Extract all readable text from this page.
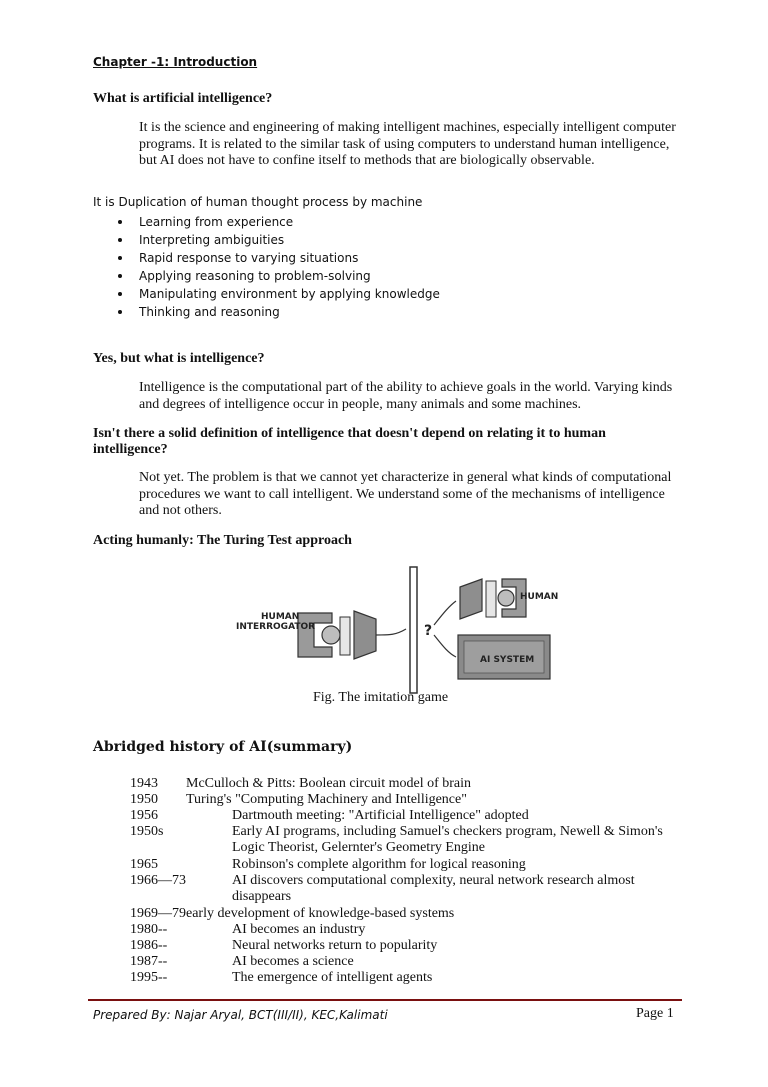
Chapter -1: Introduction
What is artificial intelligence?
It is the science and engineering of making intelligent machines, especially intelligent computer programs. It is related to the similar task of using computers to understand human intelligence, but AI does not have to confine itself to methods that are biologically observable.
It is Duplication of human thought process by machine
Learning from experience
Interpreting ambiguities
Rapid response to varying situations
Applying reasoning to problem-solving
Manipulating environment by applying knowledge
Thinking and reasoning
Yes, but what is intelligence?
Intelligence is the computational part of the ability to achieve goals in the world. Varying kinds and degrees of intelligence occur in people, many animals and some machines.
Isn't there a solid definition of intelligence that doesn't depend on relating it to human intelligence?
Not yet. The problem is that we cannot yet characterize in general what kinds of computational procedures we want to call intelligent. We understand some of the mechanisms of intelligence and not others.
Acting humanly: The Turing Test approach
HUMAN
INTERROGATOR	?
HUMAN
AI SYSTEM
Fig. The imitation game
Abridged history of AI(summary)
1943 McCulloch & Pitts: Boolean circuit model of brain
1950 Turing's "Computing Machinery and Intelligence"
1956	Dartmouth meeting: "Artificial Intelligence" adopted
1950s	Early AI programs, including Samuel's checkers program, Newell & Simon's Logic Theorist, Gelernter's Geometry Engine
1965	Robinson's complete algorithm for logical reasoning
1966—73	AI discovers computational complexity, neural network research almost disappears
1969—79early development of knowledge-based systems
1980--	AI becomes an industry
1986--	Neural networks return to popularity
1987--	AI becomes a science
1995--	The emergence of intelligent agents
Prepared By: Najar Aryal, BCT(III/II), KEC,Kalimati	Page 1
